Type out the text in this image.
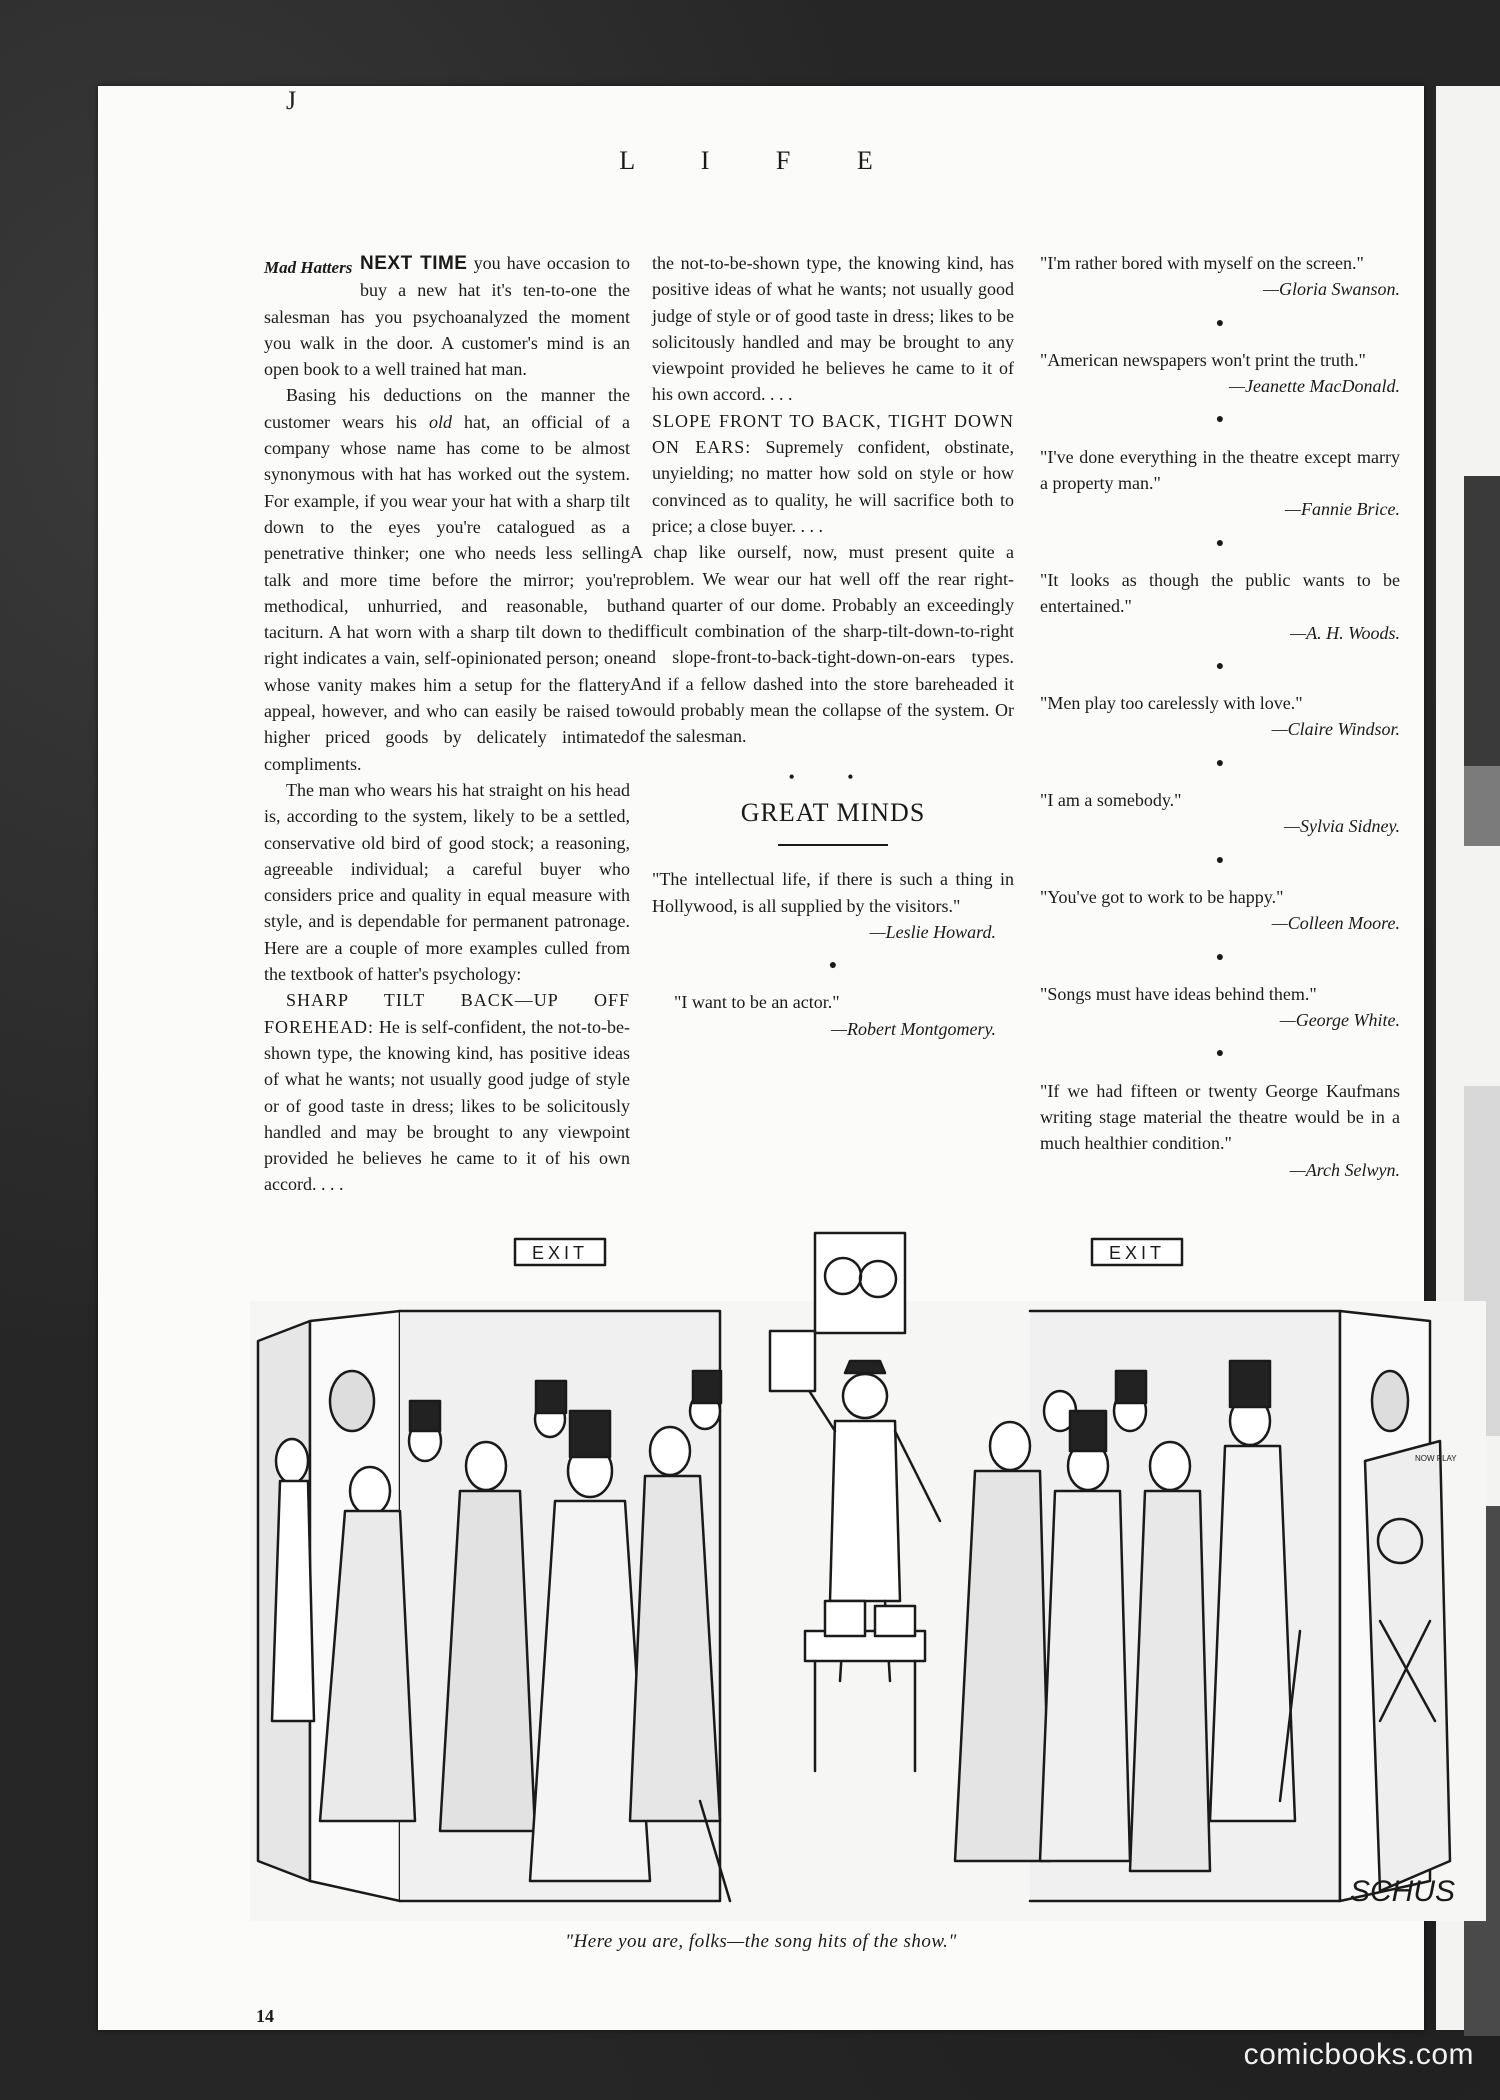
J
L I F E

Mad Hatters NEXT TIME you have occasion to buy a new hat it's ten-to-one the salesman has you psychoanalyzed the moment you walk in the door. A customer's mind is an open book to a well trained hat man.

Basing his deductions on the manner the customer wears his old hat, an official of a company whose name has come to be almost synonymous with hat has worked out the system. For example, if you wear your hat with a sharp tilt down to the eyes you're catalogued as a penetrative thinker; one who needs less selling talk and more time before the mirror; you're methodical, unhurried, and reasonable, but taciturn. A hat worn with a sharp tilt down to the right indicates a vain, self-opinionated person; one whose vanity makes him a setup for the flattery appeal, however, and who can easily be raised to higher priced goods by delicately intimated compliments.

The man who wears his hat straight on his head is, according to the system, likely to be a settled, conservative old bird of good stock; a reasoning, agreeable individual; a careful buyer who considers price and quality in equal measure with style, and is dependable for permanent patronage. Here are a couple of more examples culled from the textbook of hatter's psychology:

SHARP TILT BACK—UP OFF FOREHEAD: He is self-confident, the not-to-be-shown type, the knowing kind, has positive ideas of what he wants; not usually good judge of style or of good taste in dress; likes to be solicitously handled and may be brought to any viewpoint provided he believes he came to it of his own accord. . . .

the not-to-be-shown type, the knowing kind, has positive ideas of what he wants; not usually good judge of style or of good taste in dress; likes to be solicitously handled and may be brought to any viewpoint provided he believes he came to it of his own accord. . . .

SLOPE FRONT TO BACK, TIGHT DOWN ON EARS: Supremely confident, obstinate, unyielding; no matter how sold on style or how convinced as to quality, he will sacrifice both to price; a close buyer. . . .

A chap like ourself, now, must present quite a problem. We wear our hat well off the rear right-hand quarter of our dome. Probably an exceedingly difficult combination of the sharp-tilt-down-to-right and slope-front-to-back-tight-down-on-ears types. And if a fellow dashed into the store bareheaded it would probably mean the collapse of the system. Or of the salesman.

• •
GREAT MINDS

"The intellectual life, if there is such a thing in Hollywood, is all supplied by the visitors."

—Leslie Howard.

●

"I want to be an actor."

—Robert Montgomery.

"I'm rather bored with myself on the screen."

—Gloria Swanson.

●

"American newspapers won't print the truth."

—Jeanette MacDonald.

●

"I've done everything in the theatre except marry a property man."

—Fannie Brice.

●

"It looks as though the public wants to be entertained."

—A. H. Woods.

●

"Men play too carelessly with love."

—Claire Windsor.

●

"I am a somebody."

—Sylvia Sidney.

●

"You've got to work to be happy."

—Colleen Moore.

●

"Songs must have ideas behind them."

—George White.

●

"If we had fifteen or twenty George Kaufmans writing stage material the theatre would be in a much healthier condition."

—Arch Selwyn.

EXIT	EXIT
NOW PLAY
SCHUS
"Here you are, folks—the song hits of the show."
14
comicbooks.com
